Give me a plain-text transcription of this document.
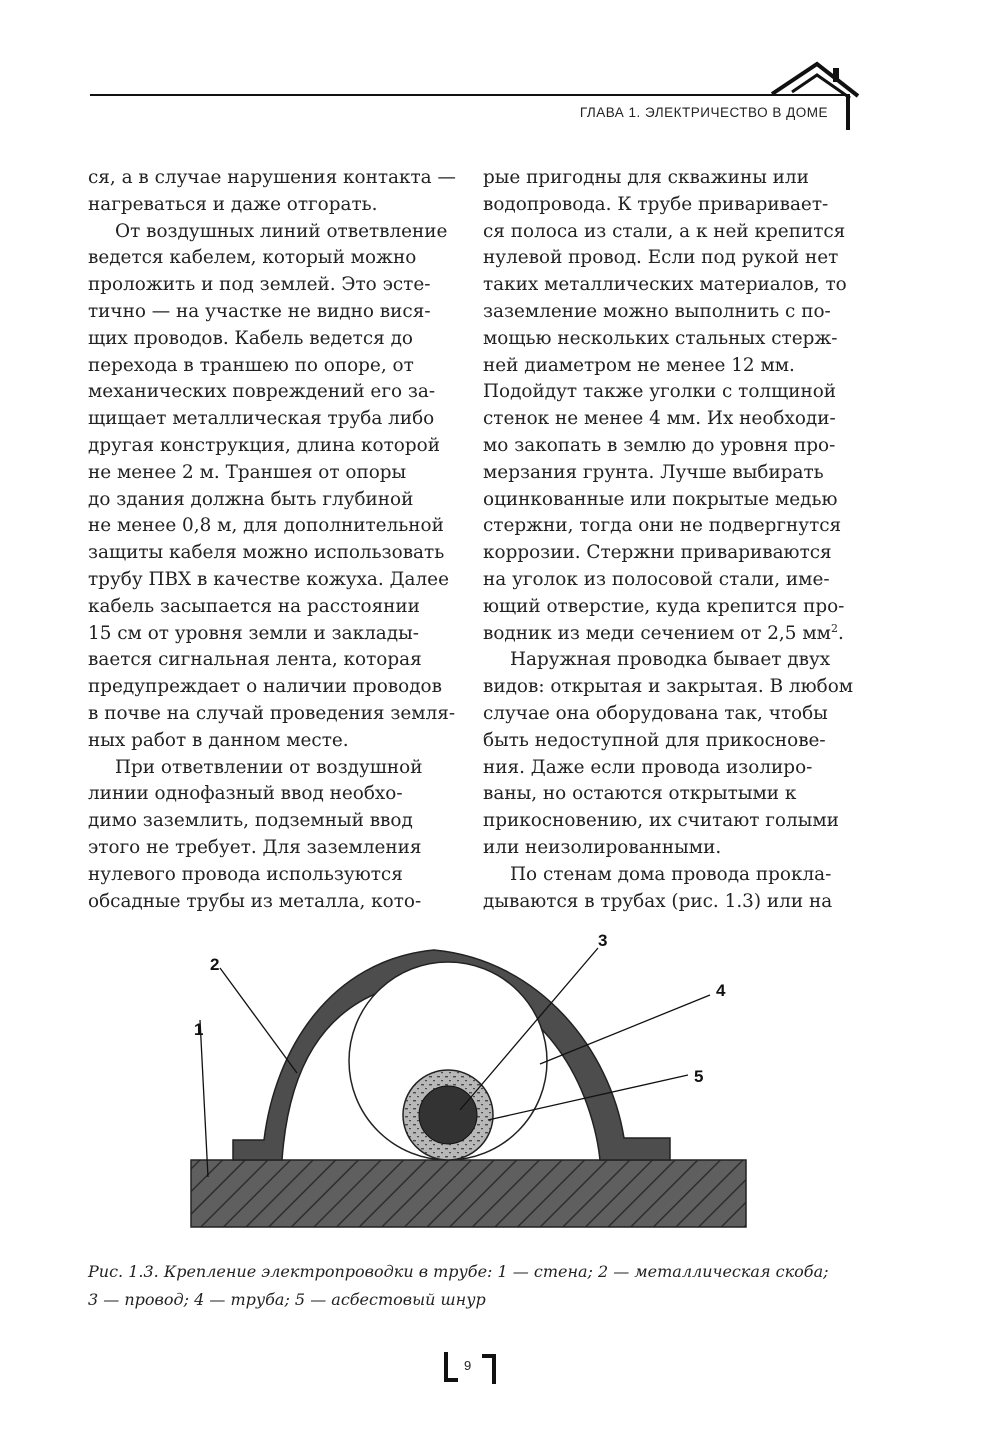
ГЛАВА 1. ЭЛЕКТРИЧЕСТВО В ДОМЕ
ся, а в случае нарушения контакта —
нагреваться и даже отгорать.
От воздушных линий ответвление
ведется кабелем, который можно
проложить и под землей. Это эсте-
тично — на участке не видно вися-
щих проводов. Кабель ведется до
перехода в траншею по опоре, от
механических повреждений его за-
щищает металлическая труба либо
другая конструкция, длина которой
не менее 2 м. Траншея от опоры
до здания должна быть глубиной
не менее 0,8 м, для дополнительной
защиты кабеля можно использовать
трубу ПВХ в качестве кожуха. Далее
кабель засыпается на расстоянии
15 см от уровня земли и заклады-
вается сигнальная лента, которая
предупреждает о наличии проводов
в почве на случай проведения земля-
ных работ в данном месте.
При ответвлении от воздушной
линии однофазный ввод необхо-
димо заземлить, подземный ввод
этого не требует. Для заземления
нулевого провода используются
обсадные трубы из металла, кото-
рые пригодны для скважины или
водопровода. К трубе приваривает-
ся полоса из стали, а к ней крепится
нулевой провод. Если под рукой нет
таких металлических материалов, то
заземление можно выполнить с по-
мощью нескольких стальных стерж-
ней диаметром не менее 12 мм.
Подойдут также уголки с толщиной
стенок не менее 4 мм. Их необходи-
мо закопать в землю до уровня про-
мерзания грунта. Лучше выбирать
оцинкованные или покрытые медью
стержни, тогда они не подвергнутся
коррозии. Стержни привариваются
на уголок из полосовой стали, име-
ющий отверстие, куда крепится про-
водник из меди сечением от 2,5 $мм^2$.
Наружная проводка бывает двух
видов: открытая и закрытая. В любом
случае она оборудована так, чтобы
быть недоступной для прикоснове-
ния. Даже если провода изолиро-
ваны, но остаются открытыми к
прикосновению, их считают голыми
или неизолированными.
По стенам дома провода прокла-
дываются в трубах (рис. 1.3) или на
1
2
3
4
5
Рис. 1.3. Крепление электропроводки в трубе: 1 — стена; 2 — металлическая скоба;
3 — провод; 4 — труба; 5 — асбестовый шнур
9
